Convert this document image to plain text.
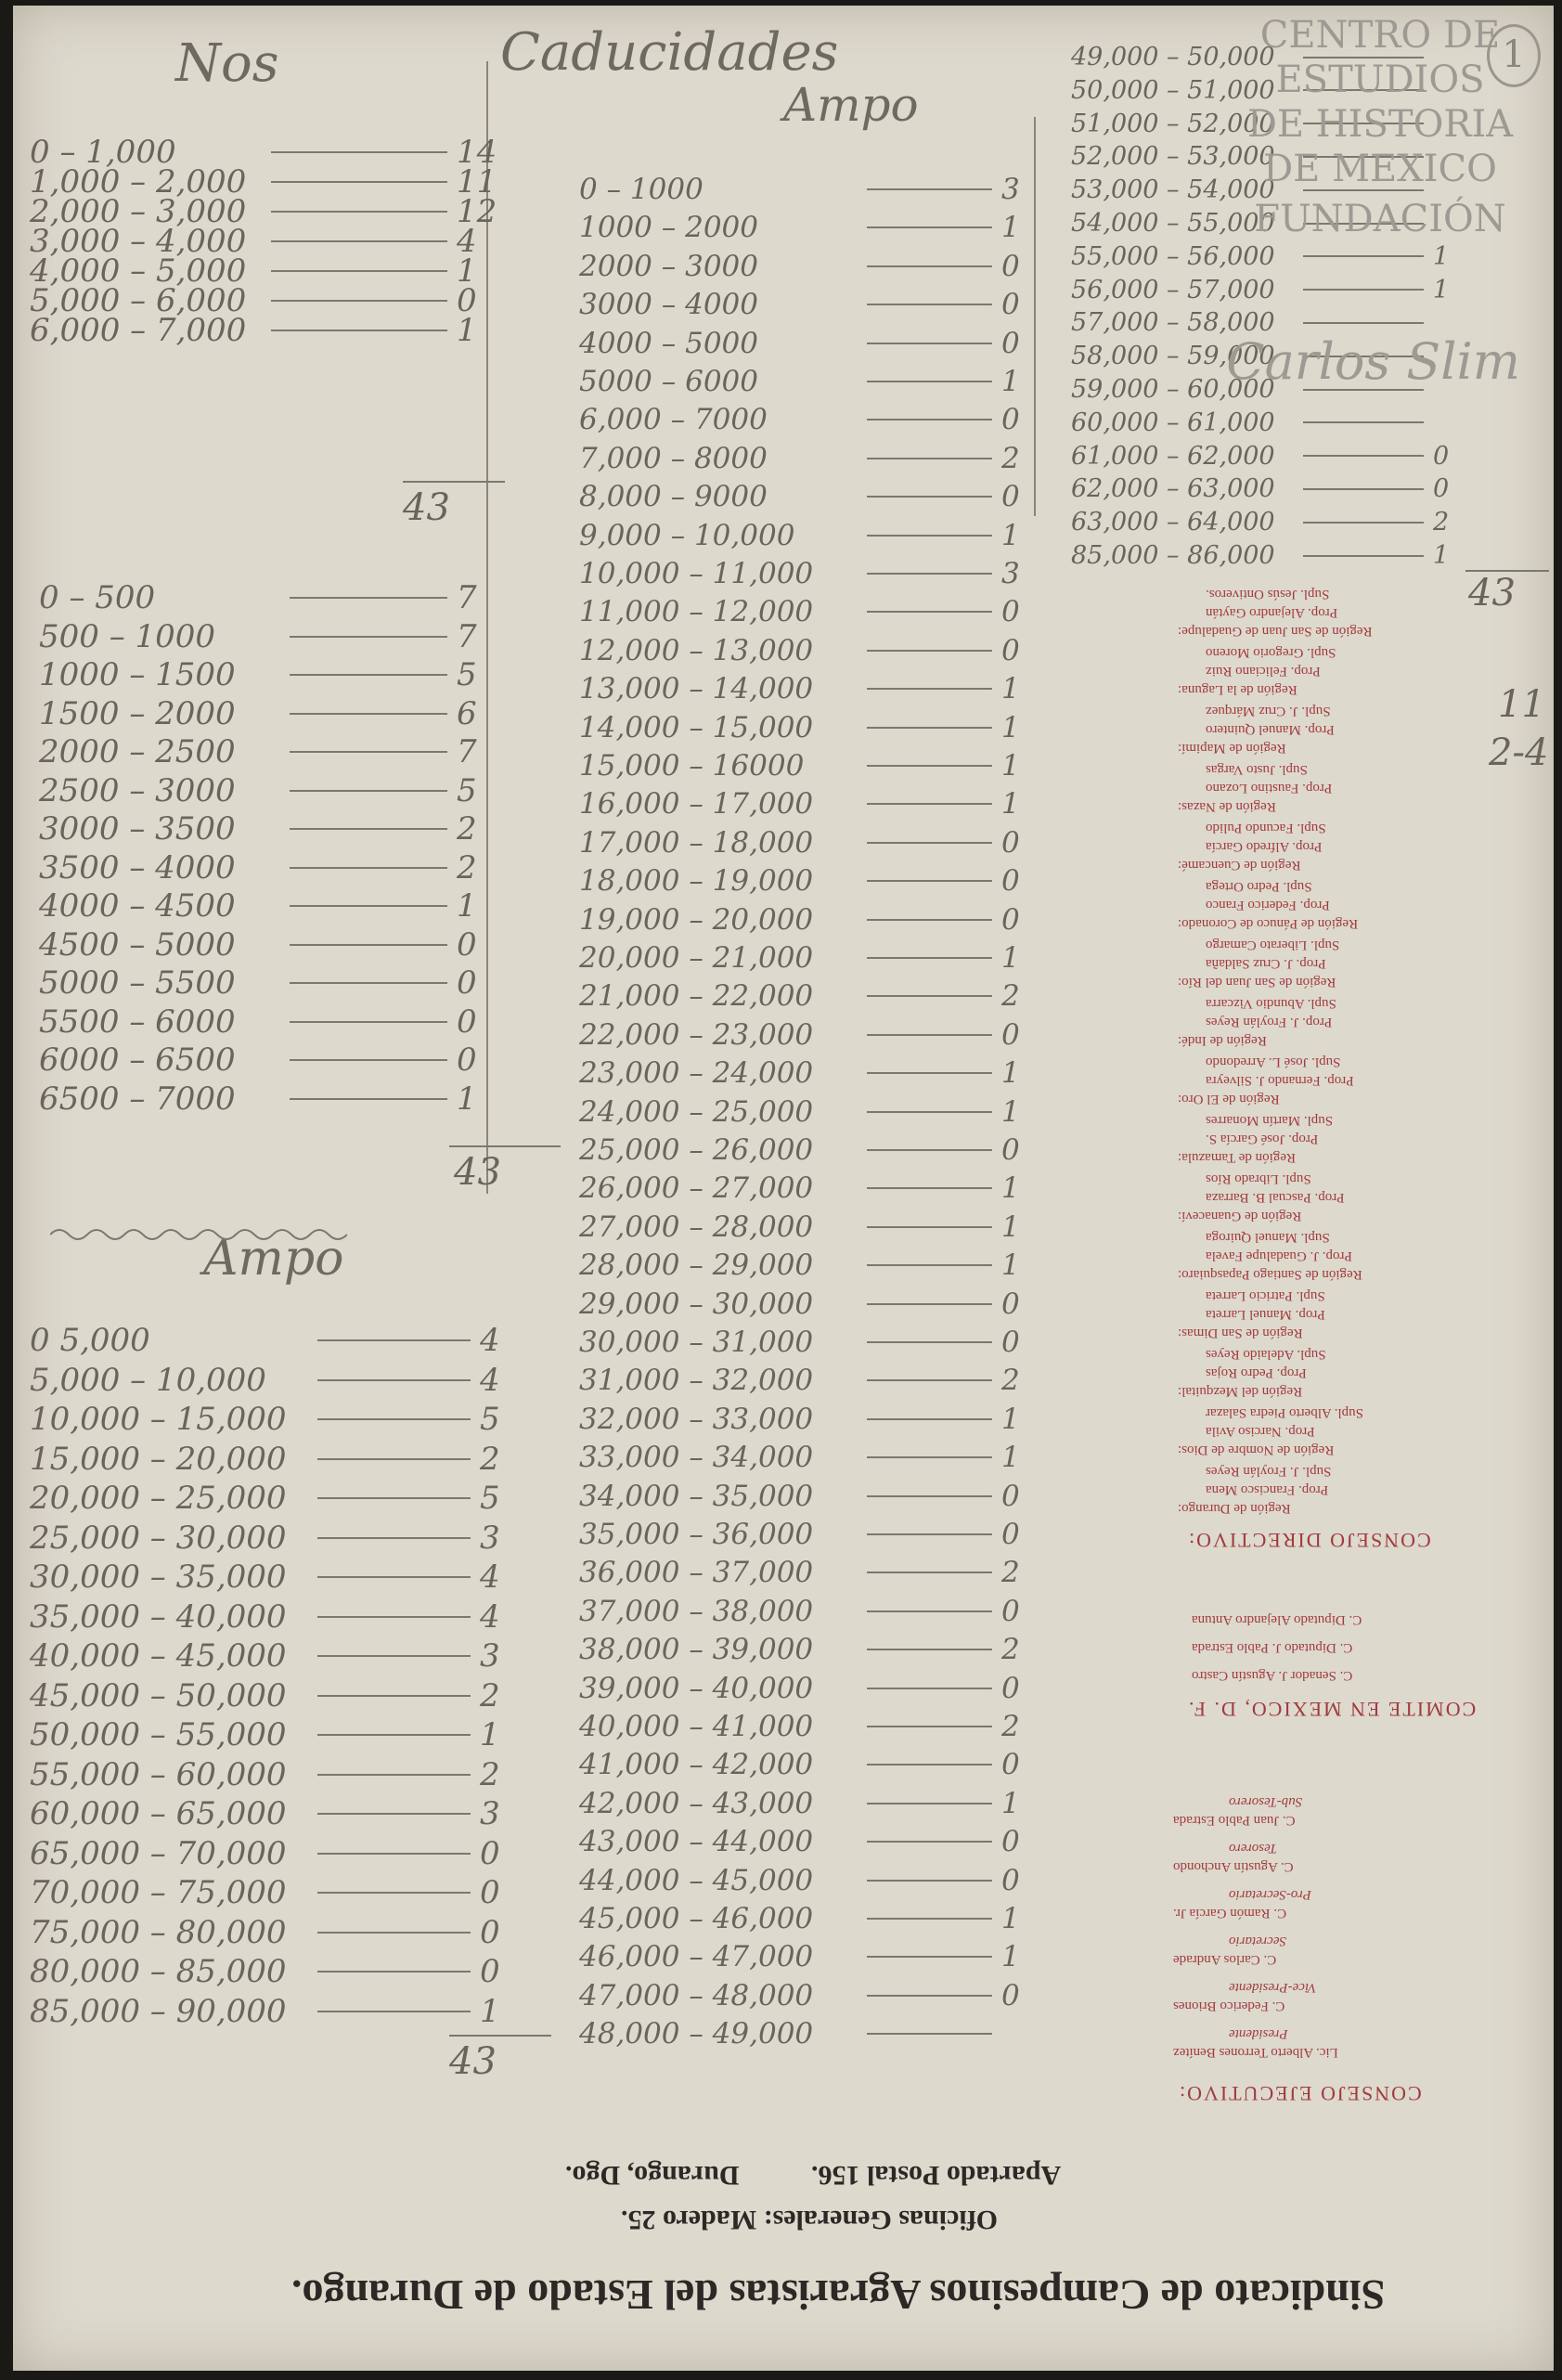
Nos	Caducidades
Ampo
Ampo
0 – 1,000	14
1,000 – 2,000	11
2,000 – 3,000	12
3,000 – 4,000	4
4,000 – 5,000	1
5,000 – 6,000	0
6,000 – 7,000	1
0 – 500	7
500 – 1000	7
1000 – 1500	5
1500 – 2000	6
2000 – 2500	7
2500 – 3000	5
3000 – 3500	2
3500 – 4000	2
4000 – 4500	1
4500 – 5000	0
5000 – 5500	0
5500 – 6000	0
6000 – 6500	0
6500 – 7000	1
0 5,000	4
5,000 – 10,000	4
10,000 – 15,000	5
15,000 – 20,000	2
20,000 – 25,000	5
25,000 – 30,000	3
30,000 – 35,000	4
35,000 – 40,000	4
40,000 – 45,000	3
45,000 – 50,000	2
50,000 – 55,000	1
55,000 – 60,000	2
60,000 – 65,000	3
65,000 – 70,000	0
70,000 – 75,000	0
75,000 – 80,000	0
80,000 – 85,000	0
85,000 – 90,000	1
0 – 1000	3
1000 – 2000	1
2000 – 3000	0
3000 – 4000	0
4000 – 5000	0
5000 – 6000	1
6,000 – 7000	0
7,000 – 8000	2
8,000 – 9000	0
9,000 – 10,000	1
10,000 – 11,000	3
11,000 – 12,000	0
12,000 – 13,000	0
13,000 – 14,000	1
14,000 – 15,000	1
15,000 – 16000	1
16,000 – 17,000	1
17,000 – 18,000	0
18,000 – 19,000	0
19,000 – 20,000	0
20,000 – 21,000	1
21,000 – 22,000	2
22,000 – 23,000	0
23,000 – 24,000	1
24,000 – 25,000	1
25,000 – 26,000	0
26,000 – 27,000	1
27,000 – 28,000	1
28,000 – 29,000	1
29,000 – 30,000	0
30,000 – 31,000	0
31,000 – 32,000	2
32,000 – 33,000	1
33,000 – 34,000	1
34,000 – 35,000	0
35,000 – 36,000	0
36,000 – 37,000	2
37,000 – 38,000	0
38,000 – 39,000	2
39,000 – 40,000	0
40,000 – 41,000	2
41,000 – 42,000	0
42,000 – 43,000	1
43,000 – 44,000	0
44,000 – 45,000	0
45,000 – 46,000	1
46,000 – 47,000	1
47,000 – 48,000	0
48,000 – 49,000
49,000 – 50,000
50,000 – 51,000
51,000 – 52,000
52,000 – 53,000
53,000 – 54,000
54,000 – 55,000
55,000 – 56,000	1
56,000 – 57,000	1
57,000 – 58,000
58,000 – 59,000
59,000 – 60,000
60,000 – 61,000
61,000 – 62,000	0
62,000 – 63,000	0
63,000 – 64,000	2
85,000 – 86,000	1
43
43
43
43
11
2-4
CENTRO DE
ESTUDIOS
DE HISTORIA
DE MEXICO
FUNDACIÓN
Carlos Slim
1
Sindicato de Campesinos Agraristas del Estado de Durango.
Oficinas Generales: Madero 25.
Durango, Dgo.	Apartado Postal 156.
CONSEJO EJECUTIVO:
Presidente
Lic. Alberto Terrones Benítez
Vice-Presidente
C. Federico Briones
Secretario
C. Carlos Andrade
Pro-Secretario
C. Ramón García Jr.
Tesorero
C. Agustín Anchondo
Sub-Tesorero
C. Juan Pablo Estrada
COMITE EN MEXICO, D. F.
C. Senador J. Agustín Castro
C. Diputado J. Pablo Estrada
C. Diputado Alejandro Antuna
CONSEJO DIRECTIVO:
Región de Durango:
Prop. Francisco Mena
Supl. J. Froylán Reyes
Región de Nombre de Dios:
Prop. Narciso Avila
Supl. Alberto Piedra Salazar
Región del Mezquital:
Prop. Pedro Rojas
Supl. Adelaido Reyes
Región de San Dimas:
Prop. Manuel Larreta
Supl. Patricio Larreta
Región de Santiago Papasquiaro:
Prop. J. Guadalupe Favela
Supl. Manuel Quiroga
Región de Guanaceví:
Prop. Pascual B. Barraza
Supl. Librado Ríos
Región de Tamazula:
Prop. José García S.
Supl. Martín Monarres
Región de El Oro:
Prop. Fernando J. Silveyra
Supl. José L. Arredondo
Región de Indé:
Prop. J. Froylán Reyes
Supl. Abundio Vizcarra
Región de San Juan del Río:
Prop. J. Cruz Saldaña
Supl. Liberato Camargo
Región de Pánuco de Coronado:
Prop. Federico Franco
Supl. Pedro Ortega
Región de Cuencamé:
Prop. Alfredo García
Supl. Facundo Pulido
Región de Nazas:
Prop. Faustino Lozano
Supl. Justo Vargas
Región de Mapimí:
Prop. Manuel Quintero
Supl. J. Cruz Márquez
Región de la Laguna:
Prop. Feliciano Ruiz
Supl. Gregorio Moreno
Región de San Juan de Guadalupe:
Prop. Alejandro Gaytán
Supl. Jesús Ontiveros.
